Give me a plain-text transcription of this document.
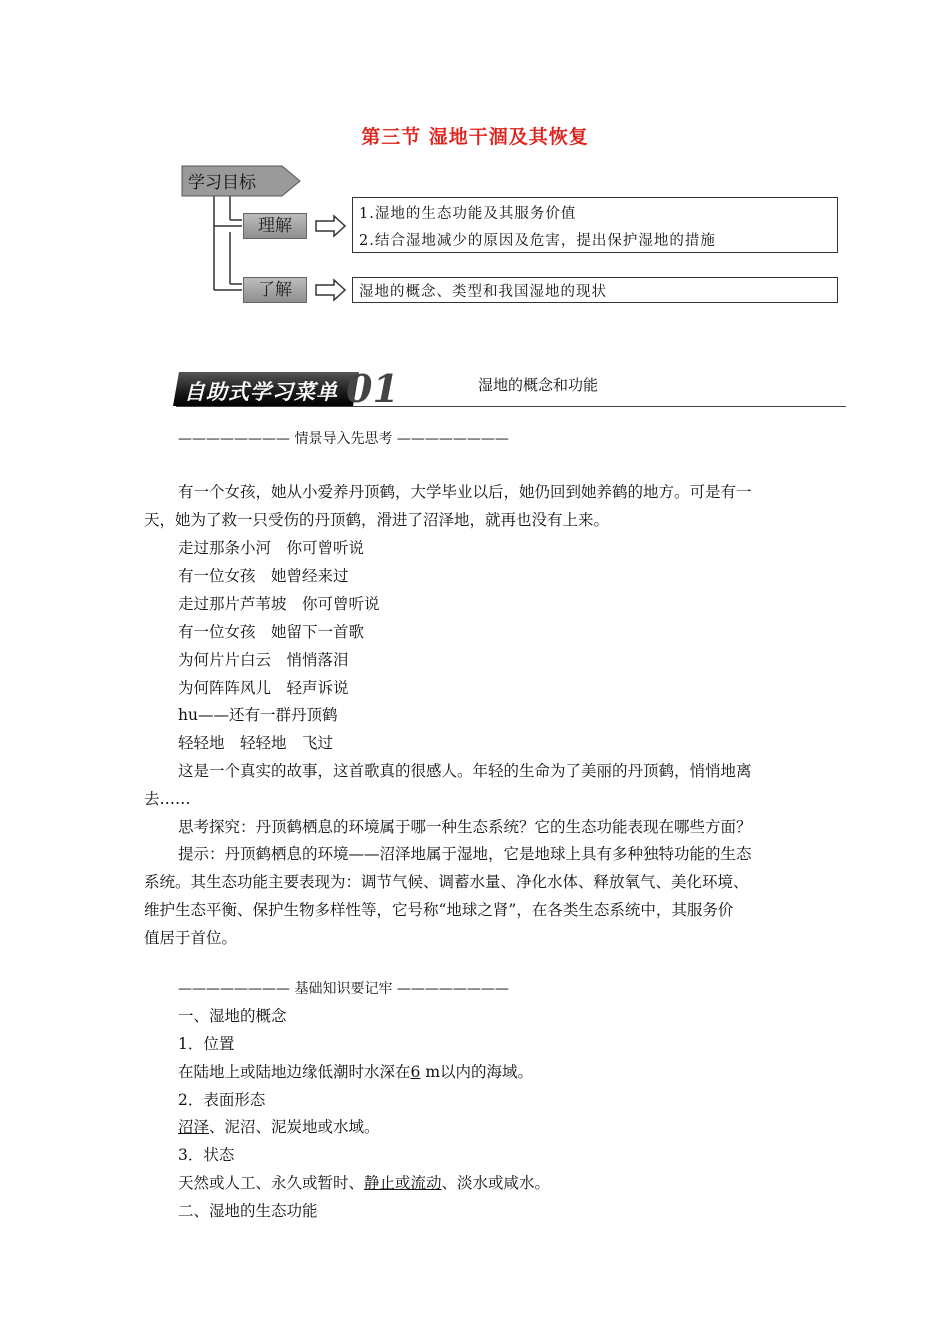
第三节 湿地干涸及其恢复
学习目标
理解
了解
1.湿地的生态功能及其服务价值
2.结合湿地减少的原因及危害，提出保护湿地的措施
湿地的概念、类型和我国湿地的现状
自助式学习菜单 01	湿地的概念和功能
———————— 情景导入先思考 ————————
有一个女孩，她从小爱养丹顶鹤，大学毕业以后，她仍回到她养鹤的地方。可是有一
天，她为了救一只受伤的丹顶鹤，滑进了沼泽地，就再也没有上来。
走过那条小河　你可曾听说
有一位女孩　她曾经来过
走过那片芦苇坡　你可曾听说
有一位女孩　她留下一首歌
为何片片白云　悄悄落泪
为何阵阵风儿　轻声诉说
hu——还有一群丹顶鹤
轻轻地　轻轻地　飞过
这是一个真实的故事，这首歌真的很感人。年轻的生命为了美丽的丹顶鹤，悄悄地离
去……
思考探究：丹顶鹤栖息的环境属于哪一种生态系统？它的生态功能表现在哪些方面？
提示：丹顶鹤栖息的环境——沼泽地属于湿地，它是地球上具有多种独特功能的生态
系统。其生态功能主要表现为：调节气候、调蓄水量、净化水体、释放氧气、美化环境、
维护生态平衡、保护生物多样性等，它号称“地球之肾”，在各类生态系统中，其服务价
值居于首位。
———————— 基础知识要记牢 ————————
一、湿地的概念
1．位置
在陆地上或陆地边缘低潮时水深在6 m以内的海域。
2．表面形态
沼泽、泥沼、泥炭地或水域。
3．状态
天然或人工、永久或暂时、静止或流动、淡水或咸水。
二、湿地的生态功能
